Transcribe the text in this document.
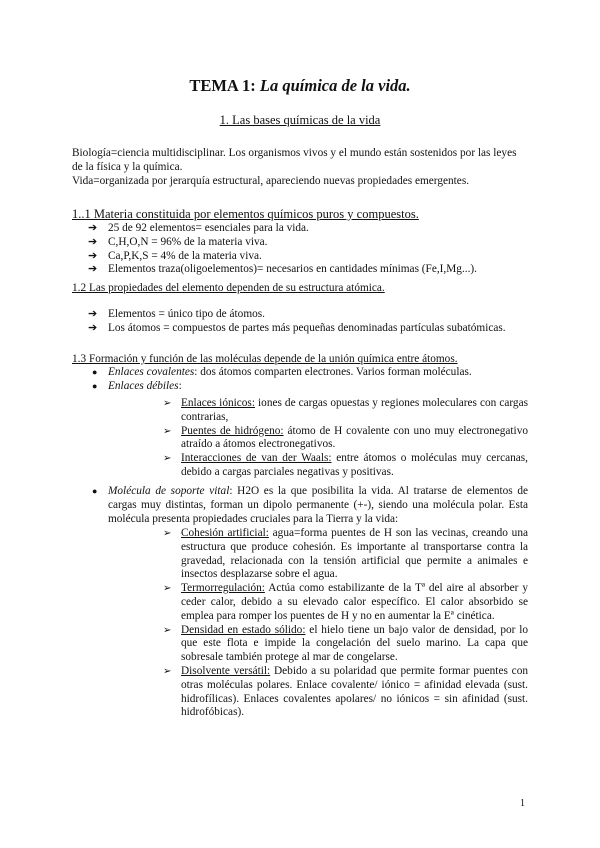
TEMA 1: La química de la vida.
1. Las bases químicas de la vida
Biología=ciencia multidisciplinar. Los organismos vivos y el mundo están sostenidos por las leyes de la física y la química.
Vida=organizada por jerarquía estructural, apareciendo nuevas propiedades emergentes.
1..1 Materia constituida por elementos químicos puros y compuestos.
➔ 25 de 92 elementos= esenciales para la vida.
➔ C,H,O,N = 96% de la materia viva.
➔ Ca,P,K,S = 4% de la materia viva.
➔ Elementos traza(oligoelementos)= necesarios en cantidades mínimas (Fe,I,Mg...).
1.2 Las propiedades del elemento dependen de su estructura atómica.
➔ Elementos = único tipo de átomos.
➔ Los átomos = compuestos de partes más pequeñas denominadas partículas subatómicas.
1.3 Formación y función de las moléculas depende de la unión química entre átomos.
● Enlaces covalentes: dos átomos comparten electrones. Varios forman moléculas.
● Enlaces débiles:
➢ Enlaces iónicos: iones de cargas opuestas y regiones moleculares con cargas contrarias,
➢ Puentes de hidrógeno: átomo de H covalente con uno muy electronegativo atraído a átomos electronegativos.
➢ Interacciones de van der Waals: entre átomos o moléculas muy cercanas, debido a cargas parciales negativas y positivas.
● Molécula de soporte vital: H2O es la que posibilita la vida. Al tratarse de elementos de cargas muy distintas, forman un dipolo permanente (+-), siendo una molécula polar. Esta molécula presenta propiedades cruciales para la Tierra y la vida:
➢ Cohesión artificial: agua=forma puentes de H son las vecinas, creando una estructura que produce cohesión. Es importante al transportarse contra la gravedad, relacionada con la tensión artificial que permite a animales e insectos desplazarse sobre el agua.
➢ Termorregulación: Actúa como estabilizante de la Tª del aire al absorber y ceder calor, debido a su elevado calor específico. El calor absorbido se emplea para romper los puentes de H y no en aumentar la Eª cinética.
➢ Densidad en estado sólido: el hielo tiene un bajo valor de densidad, por lo que este flota e impide la congelación del suelo marino. La capa que sobresale también protege al mar de congelarse.
➢ Disolvente versátil: Debido a su polaridad que permite formar puentes con otras moléculas polares. Enlace covalente/ iónico = afinidad elevada (sust. hidrofílicas). Enlaces covalentes apolares/ no iónicos = sin afinidad (sust. hidrofóbicas).
1
